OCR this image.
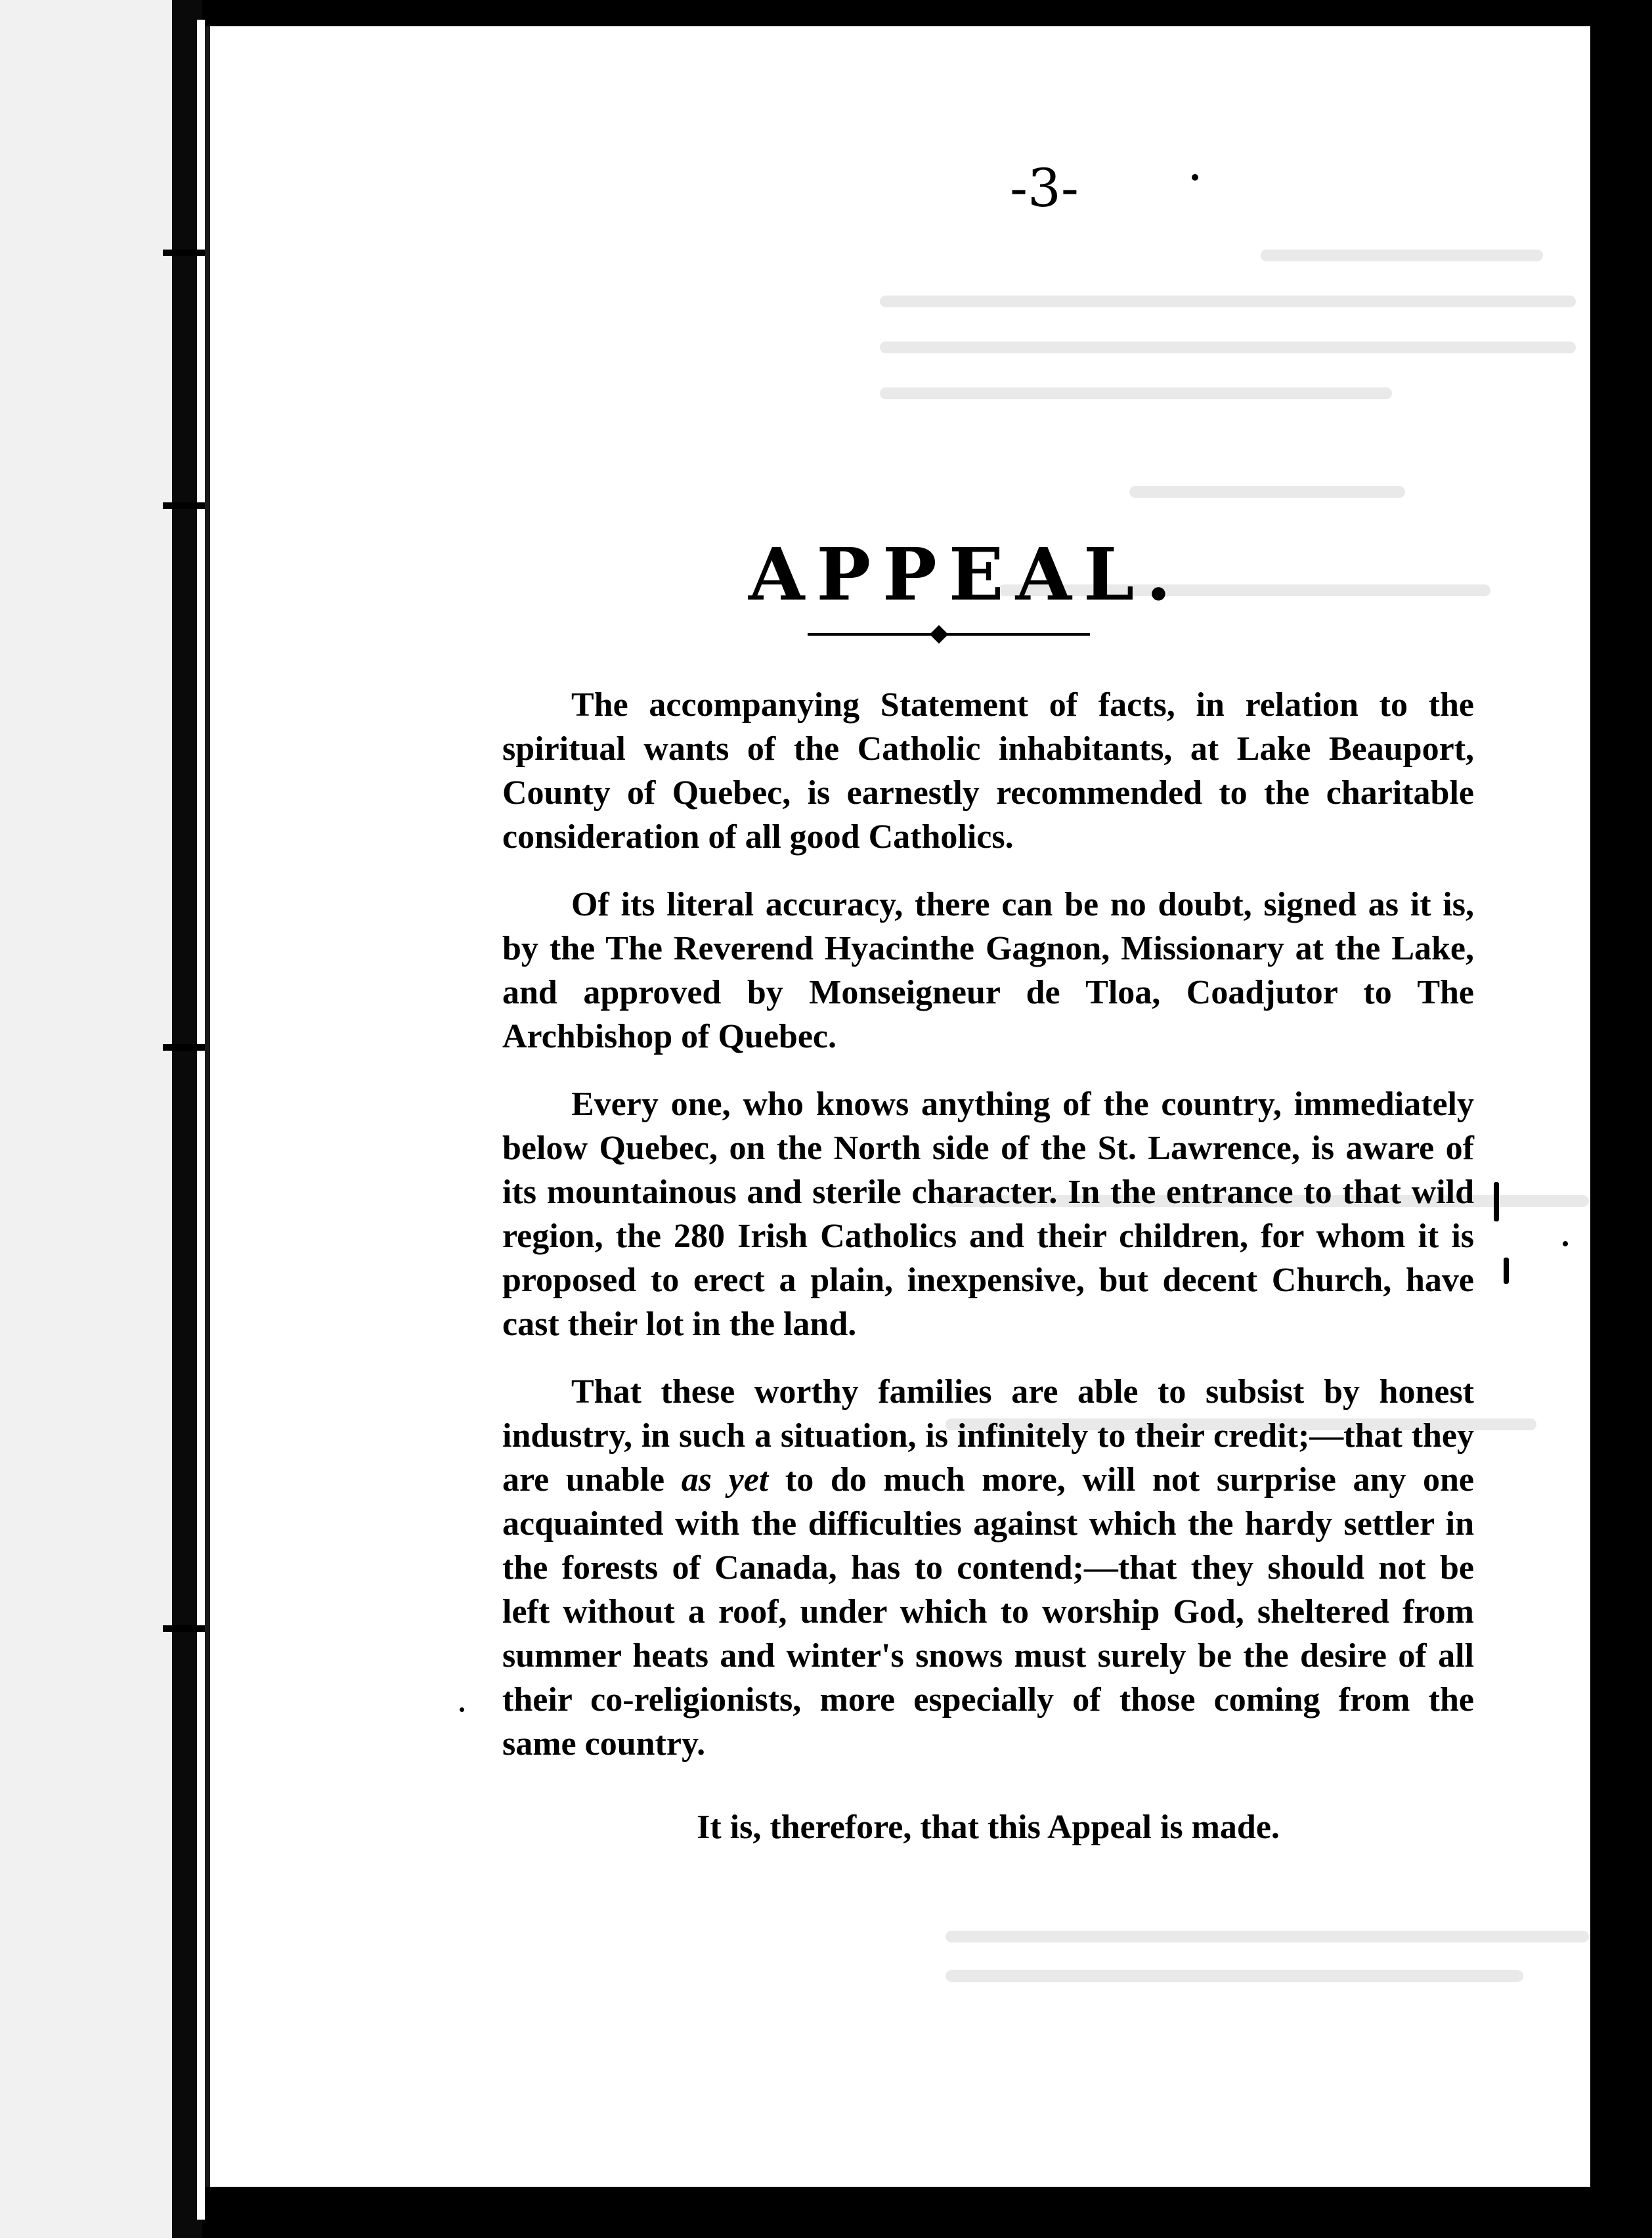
-3-
APPEAL.

The accompanying Statement of facts, in relation to the spiritual wants of the Catholic inhabitants, at Lake Beauport, County of Quebec, is earnestly recommended to the charitable consideration of all good Catholics.

Of its literal accuracy, there can be no doubt, signed as it is, by the The Reverend Hyacinthe Gagnon, Missionary at the Lake, and approved by Monseigneur de Tloa, Coadjutor to The Archbishop of Quebec.

Every one, who knows anything of the country, immediately below Quebec, on the North side of the St. Lawrence, is aware of its mountainous and sterile character. In the entrance to that wild region, the 280 Irish Catholics and their children, for whom it is proposed to erect a plain, inexpensive, but decent Church, have cast their lot in the land.

That these worthy families are able to subsist by honest industry, in such a situation, is infinitely to their credit;—that they are unable as yet to do much more, will not surprise any one acquainted with the difficulties against which the hardy settler in the forests of Canada, has to contend;—that they should not be left without a roof, under which to worship God, sheltered from summer heats and winter's snows must surely be the desire of all their co-religionists, more especially of those coming from the same country.

It is, therefore, that this Appeal is made.
